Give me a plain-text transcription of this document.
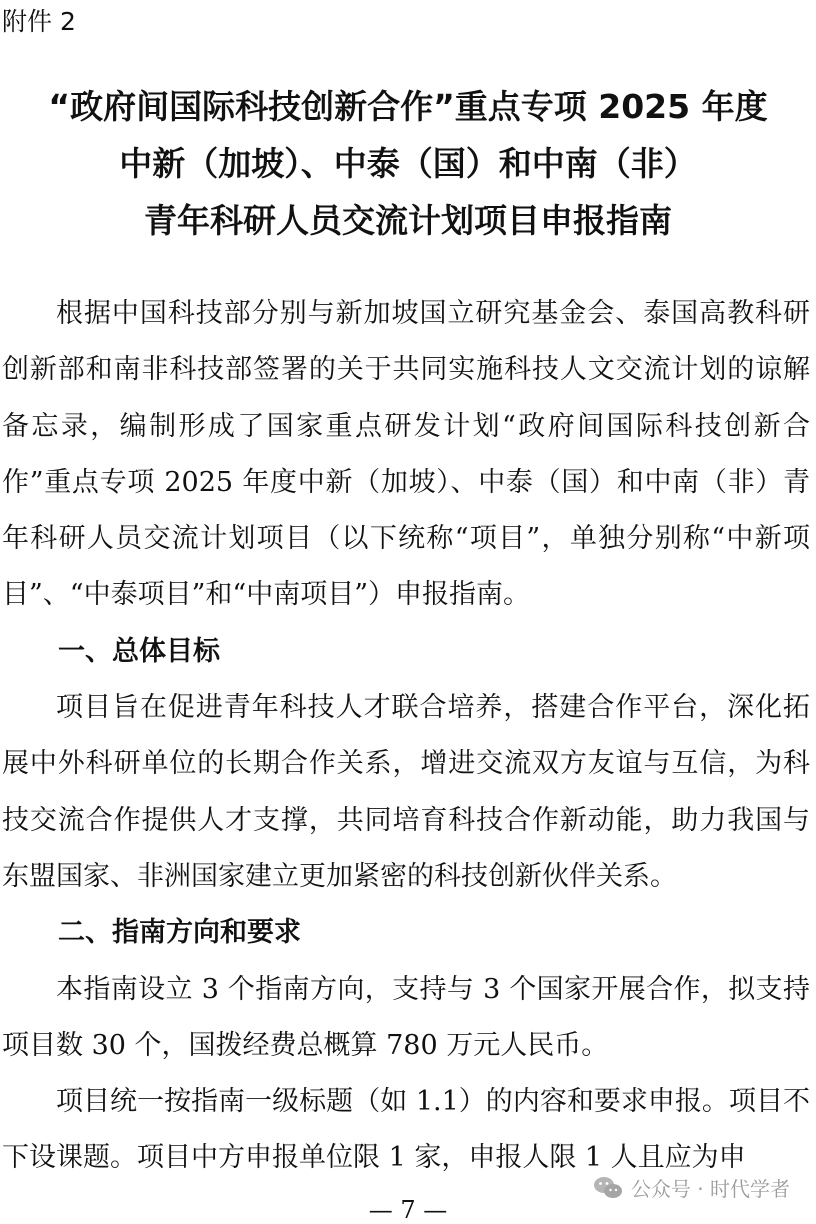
附件 2
“政府间国际科技创新合作”重点专项 2025 年度
中新（加坡）、中泰（国）和中南（非）
青年科研人员交流计划项目申报指南

根据中国科技部分别与新加坡国立研究基金会、泰国高教科研创新部和南非科技部签署的关于共同实施科技人文交流计划的谅解备忘录，编制形成了国家重点研发计划“政府间国际科技创新合作”重点专项 2025 年度中新（加坡）、中泰（国）和中南（非）青年科研人员交流计划项目（以下统称“项目”，单独分别称“中新项目”、“中泰项目”和“中南项目”）申报指南。

一、总体目标

项目旨在促进青年科技人才联合培养，搭建合作平台，深化拓展中外科研单位的长期合作关系，增进交流双方友谊与互信，为科技交流合作提供人才支撑，共同培育科技合作新动能，助力我国与东盟国家、非洲国家建立更加紧密的科技创新伙伴关系。

二、指南方向和要求

本指南设立 3 个指南方向，支持与 3 个国家开展合作，拟支持项目数 30 个，国拨经费总概算 780 万元人民币。

项目统一按指南一级标题（如 1.1）的内容和要求申报。项目不下设课题。项目中方申报单位限 1 家，申报人限 1 人且应为申

公众号 · 时代学者
— 7 —
